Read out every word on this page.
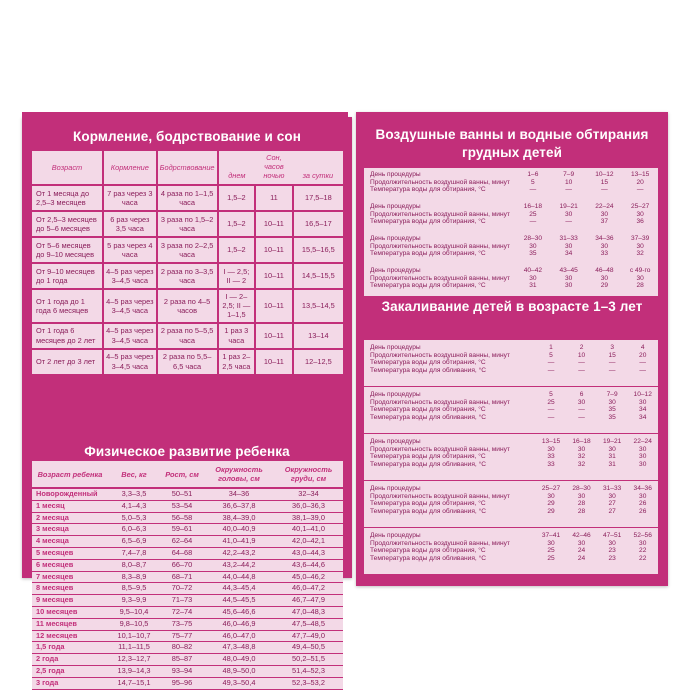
Кормление, бодрствование и сон
Возраст	Кормление	Бодрствование	днем	Сон, часов ночью	за сутки

От 1 месяца до 2,5–3 месяцев	7 раз через 3 часа	4 раза по 1–1,5 часа	1,5–2	11	17,5–18
От 2,5–3 месяцев до 5–6 месяцев	6 раз через 3,5 часа	3 раза по 1,5–2 часа	1,5–2	10–11	16,5–17
От 5–6 месяцев до 9–10 месяцев	5 раз через 4 часа	3 раза по 2–2,5 часа	1,5–2	10–11	15,5–16,5
От 9–10 месяцев до 1 года	4–5 раз через 3–4,5 часа	2 раза по 3–3,5 часа	I — 2,5; II — 2	10–11	14,5–15,5
От 1 года до 1 года 6 месяцев	4–5 раз через 3–4,5 часа	2 раза по 4–5 часов	I — 2–2,5; II — 1–1,5	10–11	13,5–14,5
От 1 года 6 месяцев до 2 лет	4–5 раз через 3–4,5 часа	2 раза по 5–5,5 часа	1 раз 3 часа	10–11	13–14
От 2 лет до 3 лет	4–5 раз через 3–4,5 часа	2 раза по 5,5–6,5 часа	1 раз 2–2,5 часа	10–11	12–12,5
Физическое развитие ребенка
Возраст ребенка	Вес, кг	Рост, см	Окружность головы, см	Окружность груди, см
Новорожденный	3,3–3,5	50–51	34–36	32–34
1 месяц	4,1–4,3	53–54	36,6–37,8	36,0–36,3
2 месяца	5,0–5,3	56–58	38,4–39,0	38,1–39,0
3 месяца	6,0–6,3	59–61	40,0–40,9	40,1–41,0
4 месяца	6,5–6,9	62–64	41,0–41,9	42,0–42,1
5 месяцев	7,4–7,8	64–68	42,2–43,2	43,0–44,3
6 месяцев	8,0–8,7	66–70	43,2–44,2	43,6–44,6
7 месяцев	8,3–8,9	68–71	44,0–44,8	45,0–46,2
8 месяцев	8,5–9,5	70–72	44,3–45,4	46,0–47,2
9 месяцев	9,3–9,9	71–73	44,5–45,5	46,7–47,9
10 месяцев	9,5–10,4	72–74	45,6–46,6	47,0–48,3
11 месяцев	9,8–10,5	73–75	46,0–46,9	47,5–48,5
12 месяцев	10,1–10,7	75–77	46,0–47,0	47,7–49,0
1,5 года	11,1–11,5	80–82	47,3–48,8	49,4–50,5
2 года	12,3–12,7	85–87	48,0–49,0	50,2–51,5
2,5 года	13,9–14,3	93–94	48,9–50,0	51,4–52,3
3 года	14,7–15,1	95–96	49,3–50,4	52,3–53,2
Воздушные ванны и водные обтирания грудных детей
День процедуры	1–6	7–9	10–12	13–15
Продолжительность воздушной ванны, минут	5	10	15	20
Температура воды для обтирания, °С	—	—	—	—
День процедуры	16–18	19–21	22–24	25–27
Продолжительность воздушной ванны, минут	25	30	30	30
Температура воды для обтирания, °С	—	—	37	36
День процедуры	28–30	31–33	34–36	37–39
Продолжительность воздушной ванны, минут	30	30	30	30
Температура воды для обтирания, °С	35	34	33	32
День процедуры	40–42	43–45	46–48	с 49-го
Продолжительность воздушной ванны, минут	30	30	30	30
Температура воды для обтирания, °С	31	30	29	28
Закаливание детей в возрасте 1–3 лет
День процедуры	1	2	3	4
Продолжительность воздушной ванны, минут	5	10	15	20
Температура воды для обтирания, °С	—	—	—	—
Температура воды для обливания, °С	—	—	—	—
День процедуры	5	6	7–9	10–12
Продолжительность воздушной ванны, минут	25	30	30	30
Температура воды для обтирания, °С	—	—	35	34
Температура воды для обливания, °С	—	—	35	34
День процедуры	13–15	16–18	19–21	22–24
Продолжительность воздушной ванны, минут	30	30	30	30
Температура воды для обтирания, °С	33	32	31	30
Температура воды для обливания, °С	33	32	31	30
День процедуры	25–27	28–30	31–33	34–36
Продолжительность воздушной ванны, минут	30	30	30	30
Температура воды для обтирания, °С	29	28	27	26
Температура воды для обливания, °С	29	28	27	26
День процедуры	37–41	42–46	47–51	52–56
Продолжительность воздушной ванны, минут	30	30	30	30
Температура воды для обтирания, °С	25	24	23	22
Температура воды для обливания, °С	25	24	23	22
